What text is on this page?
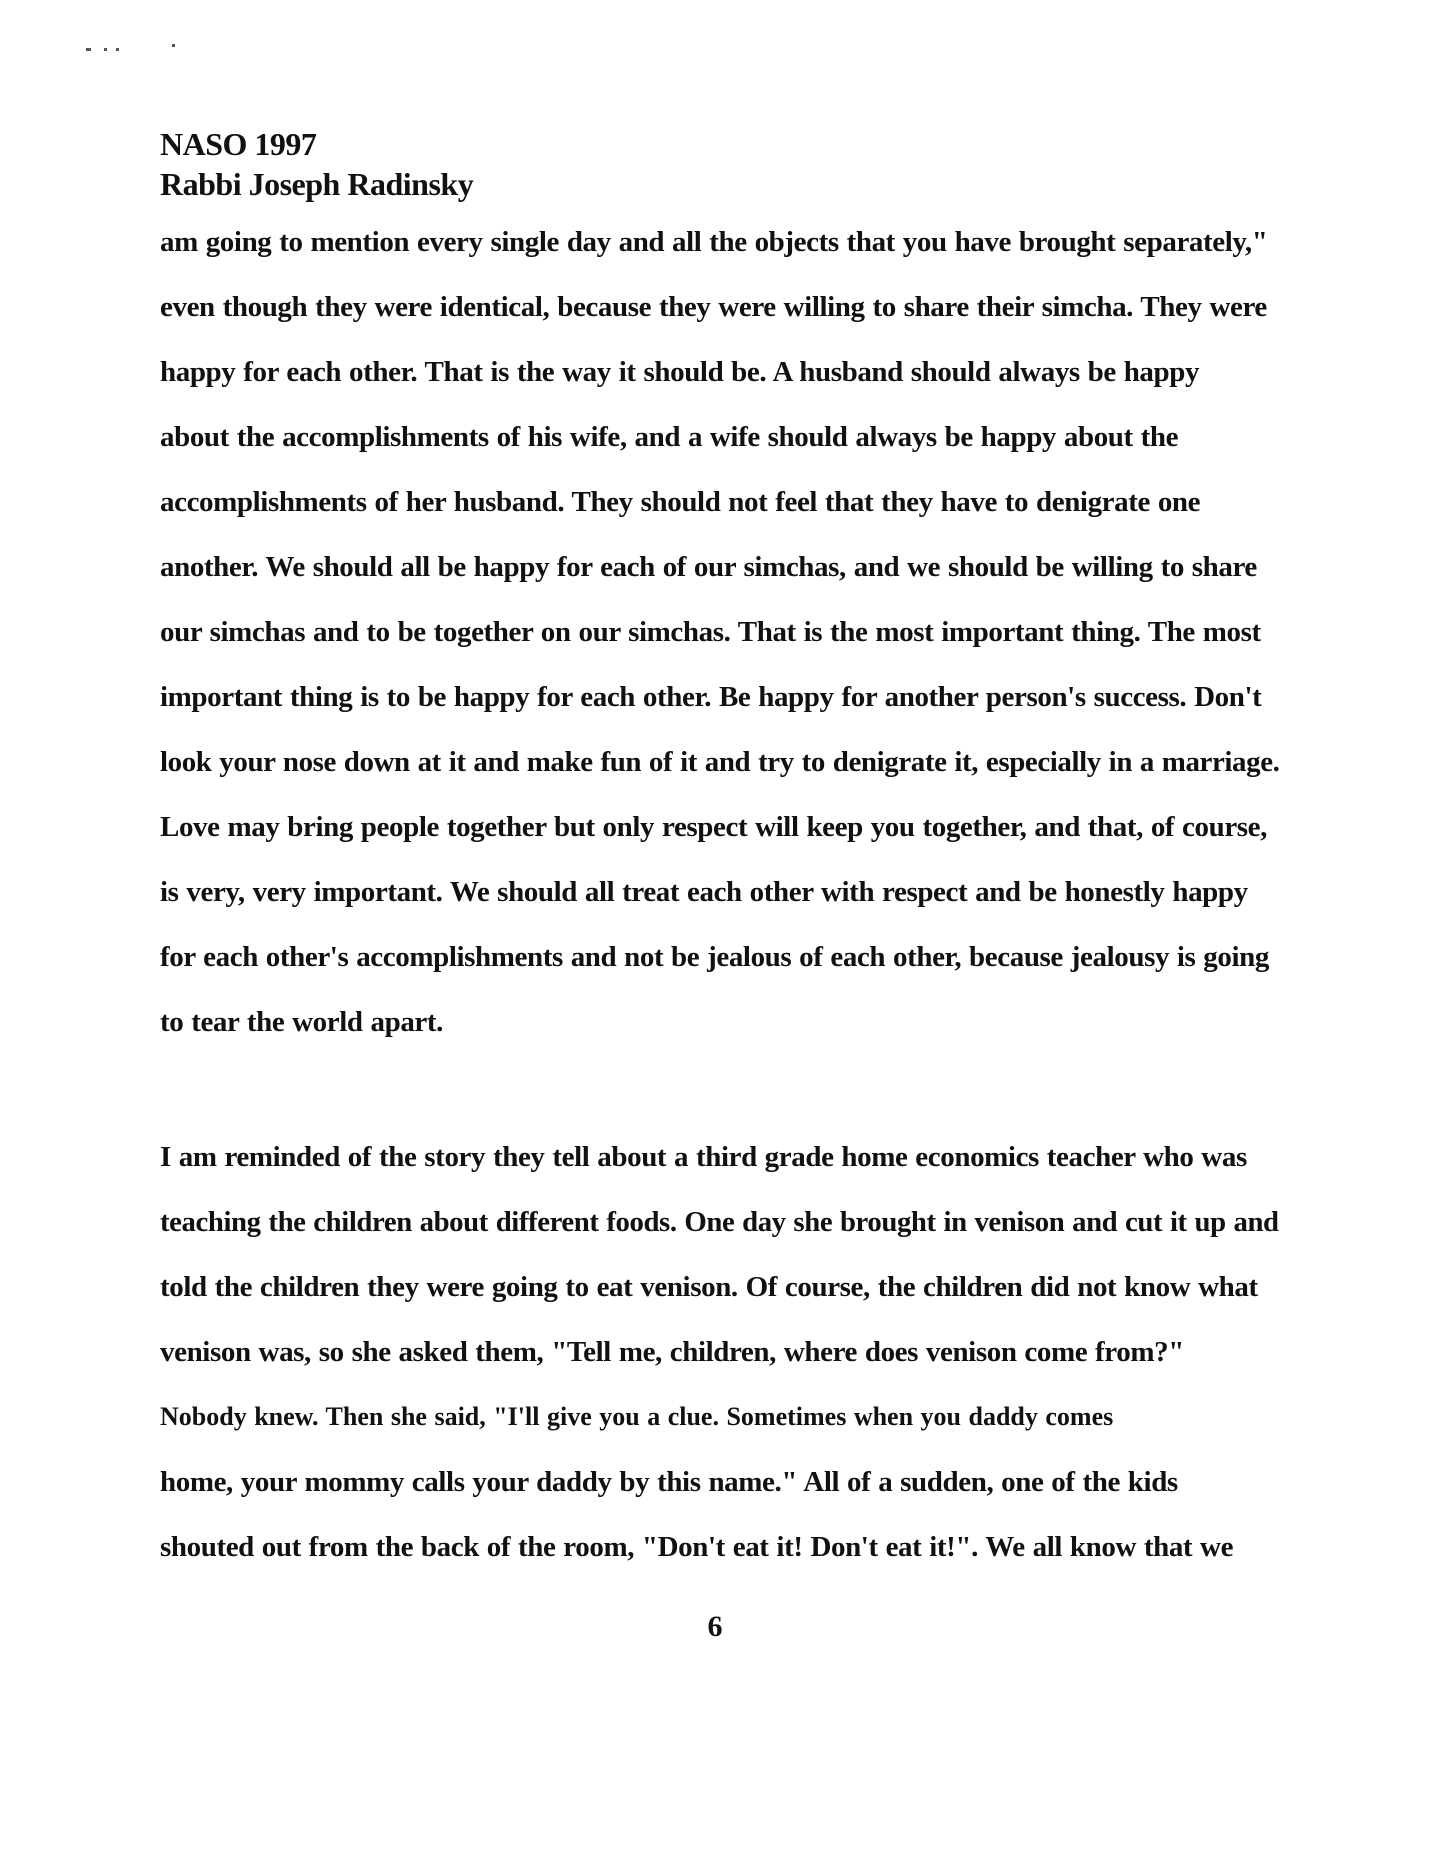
NASO 1997
Rabbi Joseph Radinsky
am going to mention every single day and all the objects that you have brought separately,"
even though they were identical, because they were willing to share their simcha. They were
happy for each other. That is the way it should be. A husband should always be happy
about the accomplishments of his wife, and a wife should always be happy about the
accomplishments of her husband. They should not feel that they have to denigrate one
another. We should all be happy for each of our simchas, and we should be willing to share
our simchas and to be together on our simchas. That is the most important thing. The most
important thing is to be happy for each other. Be happy for another person's success. Don't
look your nose down at it and make fun of it and try to denigrate it, especially in a marriage.
Love may bring people together but only respect will keep you together, and that, of course,
is very, very important. We should all treat each other with respect and be honestly happy
for each other's accomplishments and not be jealous of each other, because jealousy is going
to tear the world apart.
I am reminded of the story they tell about a third grade home economics teacher who was
teaching the children about different foods. One day she brought in venison and cut it up and
told the children they were going to eat venison. Of course, the children did not know what
venison was, so she asked them, "Tell me, children, where does venison come from?"
Nobody knew. Then she said, "I'll give you a clue. Sometimes when you daddy comes
home, your mommy calls your daddy by this name." All of a sudden, one of the kids
shouted out from the back of the room, "Don't eat it! Don't eat it!". We all know that we
6
